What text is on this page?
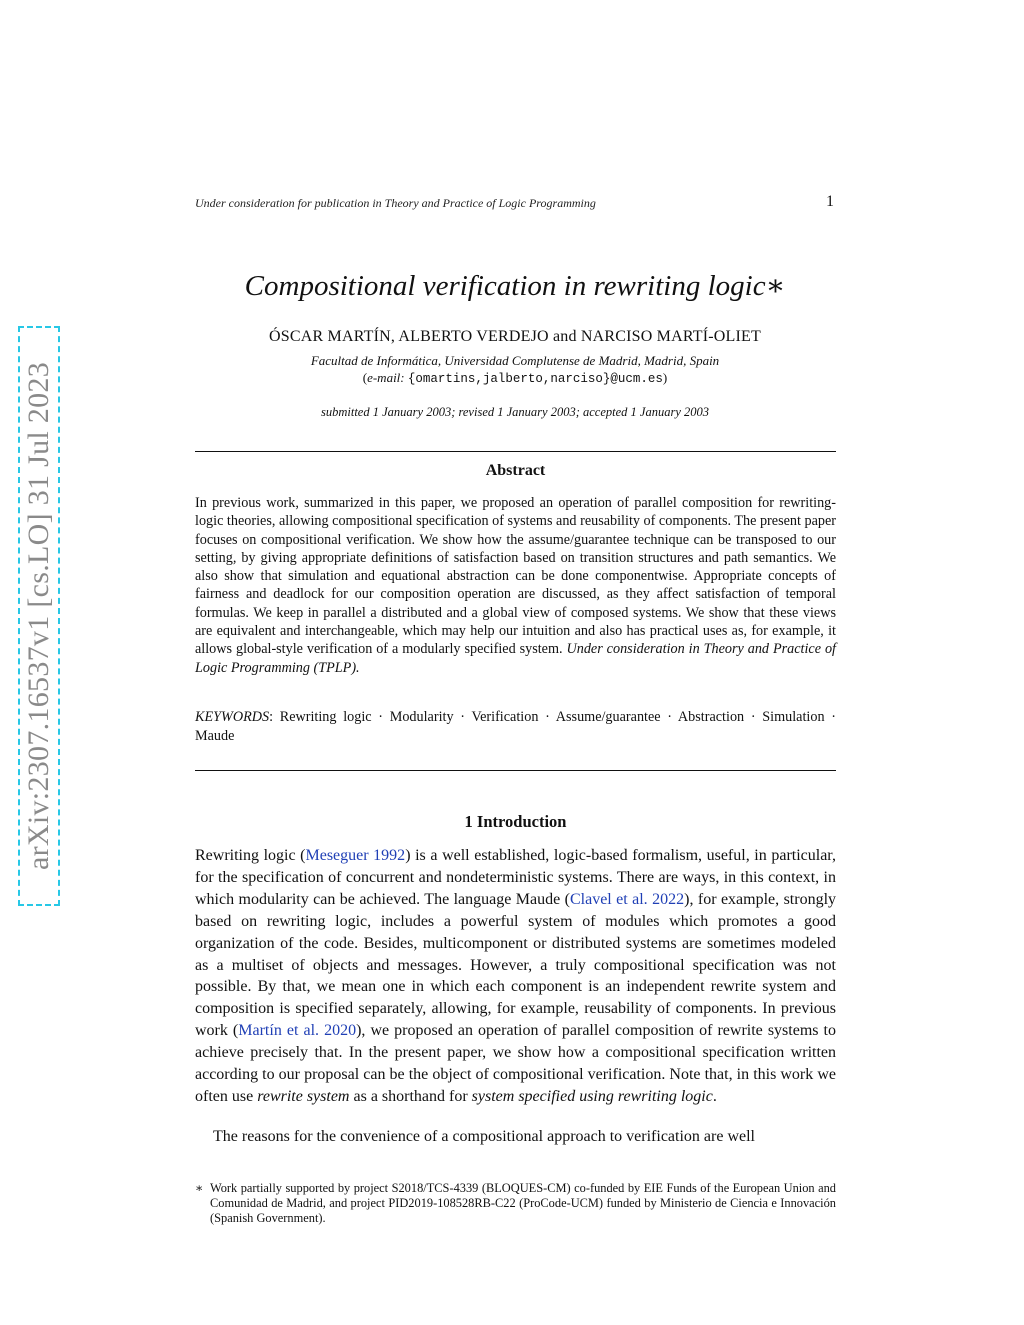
arXiv:2307.16537v1 [cs.LO] 31 Jul 2023
Under consideration for publication in Theory and Practice of Logic Programming	1
Compositional verification in rewriting logic∗
ÓSCAR MARTÍN, ALBERTO VERDEJO and NARCISO MARTÍ-OLIET
Facultad de Informática, Universidad Complutense de Madrid, Madrid, Spain
(e-mail: {omartins,jalberto,narciso}@ucm.es)
submitted 1 January 2003; revised 1 January 2003; accepted 1 January 2003
Abstract
In previous work, summarized in this paper, we proposed an operation of parallel composition for rewriting-logic theories, allowing compositional specification of systems and reusability of components. The present paper focuses on compositional verification. We show how the assume/guarantee technique can be transposed to our setting, by giving appropriate definitions of satisfaction based on transition structures and path semantics. We also show that simulation and equational abstraction can be done componentwise. Appropriate concepts of fairness and deadlock for our composition operation are discussed, as they affect satisfaction of temporal formulas. We keep in parallel a distributed and a global view of composed systems. We show that these views are equivalent and interchangeable, which may help our intuition and also has practical uses as, for example, it allows global-style verification of a modularly specified system. Under consideration in Theory and Practice of Logic Programming (TPLP).
KEYWORDS: Rewriting logic · Modularity · Verification · Assume/guarantee · Abstraction · Simulation · Maude
1 Introduction
Rewriting logic (Meseguer 1992) is a well established, logic-based formalism, useful, in particular, for the specification of concurrent and nondeterministic systems. There are ways, in this context, in which modularity can be achieved. The language Maude (Clavel et al. 2022), for example, strongly based on rewriting logic, includes a powerful system of modules which promotes a good organization of the code. Besides, multicomponent or distributed systems are sometimes modeled as a multiset of objects and messages. However, a truly compositional specification was not possible. By that, we mean one in which each component is an independent rewrite system and composition is specified separately, allowing, for example, reusability of components. In previous work (Martín et al. 2020), we proposed an operation of parallel composition of rewrite systems to achieve precisely that. In the present paper, we show how a compositional specification written according to our proposal can be the object of compositional verification. Note that, in this work we often use rewrite system as a shorthand for system specified using rewriting logic.
The reasons for the convenience of a compositional approach to verification are well
∗ Work partially supported by project S2018/TCS-4339 (BLOQUES-CM) co-funded by EIE Funds of the European Union and Comunidad de Madrid, and project PID2019-108528RB-C22 (ProCode-UCM) funded by Ministerio de Ciencia e Innovación (Spanish Government).
